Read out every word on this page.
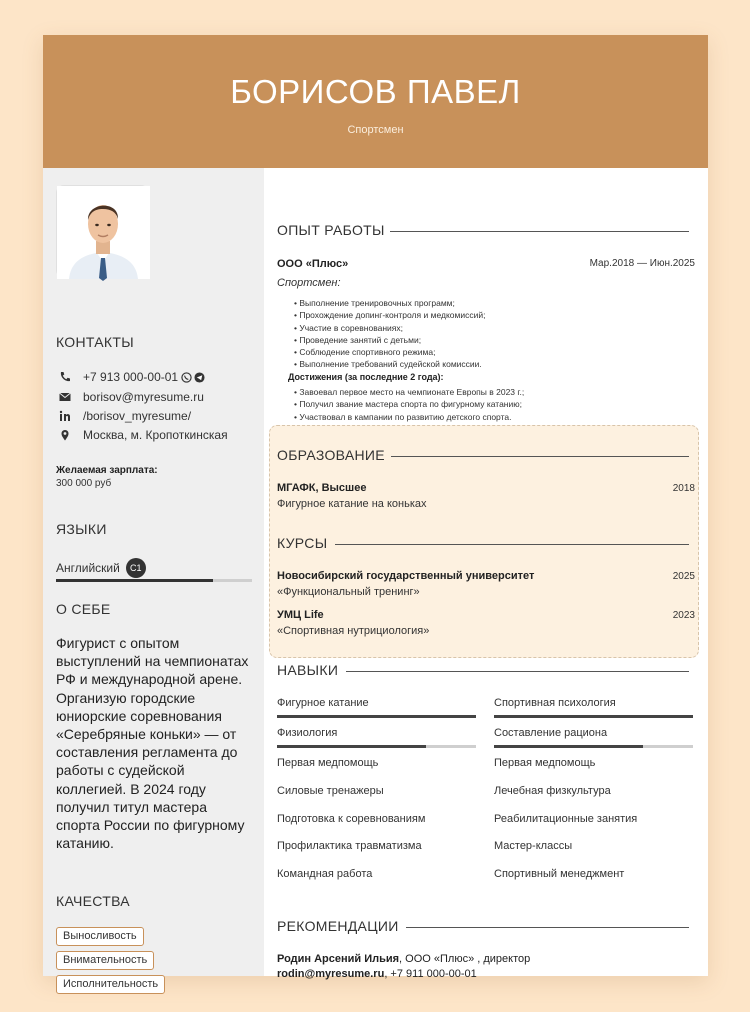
БОРИСОВ ПАВЕЛ
Спортсмен
КОНТАКТЫ
+7 913 000-00-01
borisov@myresume.ru
/borisov_myresume/
Москва, м. Кропоткинская
Желаемая зарплата:
300 000 руб
ЯЗЫКИ
Английский	C1
О СЕБЕ
Фигурист с опытом выступлений на чемпионатах РФ и международной арене. Организую городские юниорские соревнования «Серебряные коньки» — от составления регламента до работы с судейской коллегией. В 2024 году получил титул мастера спорта России по фигурному катанию.
КАЧЕСТВА
Выносливость
Внимательность
Исполнительность
ОПЫТ РАБОТЫ
ООО «Плюс»	Мар.2018 — Июн.2025
Спортсмен:
• Выполнение тренировочных программ;
• Прохождение допинг-контроля и медкомиссий;
• Участие в соревнованиях;
• Проведение занятий с детьми;
• Соблюдение спортивного режима;
• Выполнение требований судейской комиссии.
Достижения (за последние 2 года):
• Завоевал первое место на чемпионате Европы в 2023 г.;
• Получил звание мастера спорта по фигурному катанию;
• Участвовал в кампании по развитию детского спорта.
ОБРАЗОВАНИЕ
МГАФК, Высшее	2018
Фигурное катание на коньках
КУРСЫ
Новосибирский государственный университет	2025
«Функциональный тренинг»
УМЦ Life	2023
«Спортивная нутрициология»
НАВЫКИ
Фигурное катание	Спортивная психология
Физиология	Составление рациона
Первая медпомощь	Первая медпомощь
Силовые тренажеры	Лечебная физкультура
Подготовка к соревнованиям	Реабилитационные занятия
Профилактика травматизма	Мастер-классы
Командная работа	Спортивный менеджмент
РЕКОМЕНДАЦИИ
Родин Арсений Ильия, ООО «Плюс» , директор
rodin@myresume.ru, +7 911 000-00-01
